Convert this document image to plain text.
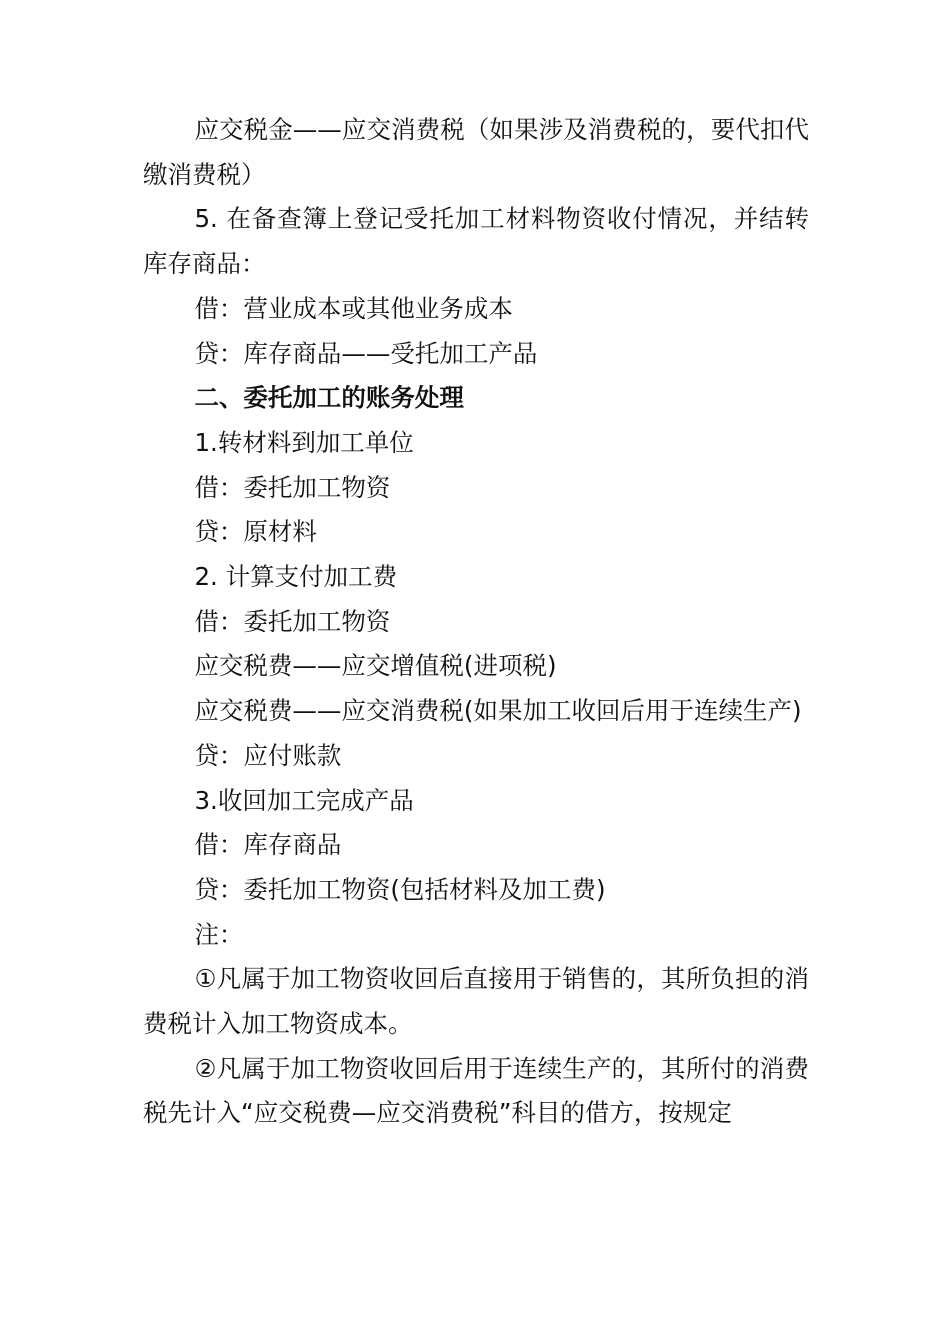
应交税金——应交消费税（如果涉及消费税的，要代扣代缴消费税）

5. 在备查簿上登记受托加工材料物资收付情况，并结转库存商品：

借：营业成本或其他业务成本

贷：库存商品——受托加工产品

二、委托加工的账务处理

1.转材料到加工单位

借：委托加工物资

贷：原材料

2. 计算支付加工费

借：委托加工物资

应交税费——应交增值税(进项税)

应交税费——应交消费税(如果加工收回后用于连续生产)

贷：应付账款

3.收回加工完成产品

借：库存商品

贷：委托加工物资(包括材料及加工费)

注：

①凡属于加工物资收回后直接用于销售的，其所负担的消费税计入加工物资成本。

②凡属于加工物资收回后用于连续生产的，其所付的消费税先计入“应交税费—应交消费税”科目的借方，按规定
